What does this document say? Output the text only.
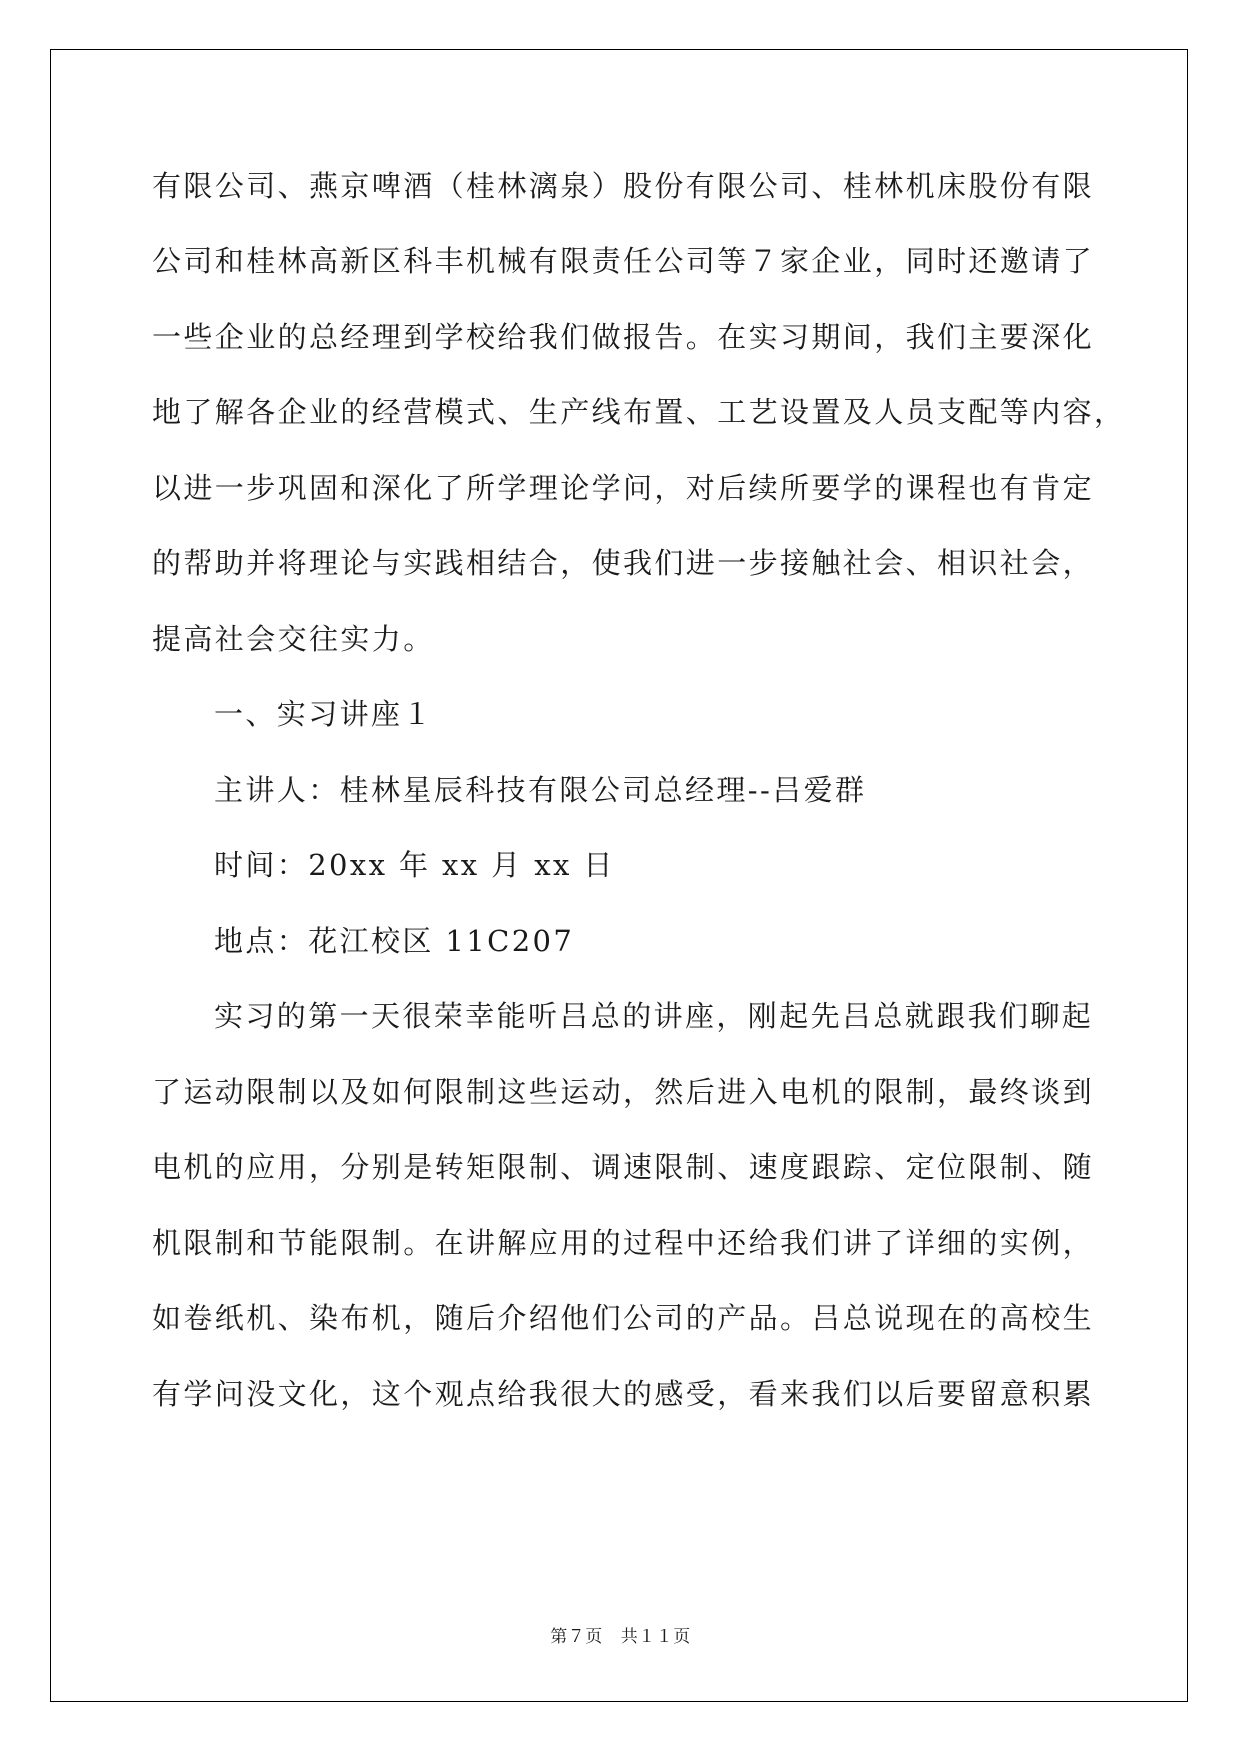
有限公司、燕京啤酒（桂林漓泉）股份有限公司、桂林机床股份有限
公司和桂林高新区科丰机械有限责任公司等７家企业，同时还邀请了
一些企业的总经理到学校给我们做报告。在实习期间，我们主要深化
地了解各企业的经营模式、生产线布置、工艺设置及人员支配等内容，
以进一步巩固和深化了所学理论学问，对后续所要学的课程也有肯定
的帮助并将理论与实践相结合，使我们进一步接触社会、相识社会，
提高社会交往实力。
一、实习讲座１
主讲人：桂林星辰科技有限公司总经理--吕爱群
时间：20xx 年 xx 月 xx 日
地点：花江校区 11C207
实习的第一天很荣幸能听吕总的讲座，刚起先吕总就跟我们聊起
了运动限制以及如何限制这些运动，然后进入电机的限制，最终谈到
电机的应用，分别是转矩限制、调速限制、速度跟踪、定位限制、随
机限制和节能限制。在讲解应用的过程中还给我们讲了详细的实例，
如卷纸机、染布机，随后介绍他们公司的产品。吕总说现在的高校生
有学问没文化，这个观点给我很大的感受，看来我们以后要留意积累
第７页 共１１页
